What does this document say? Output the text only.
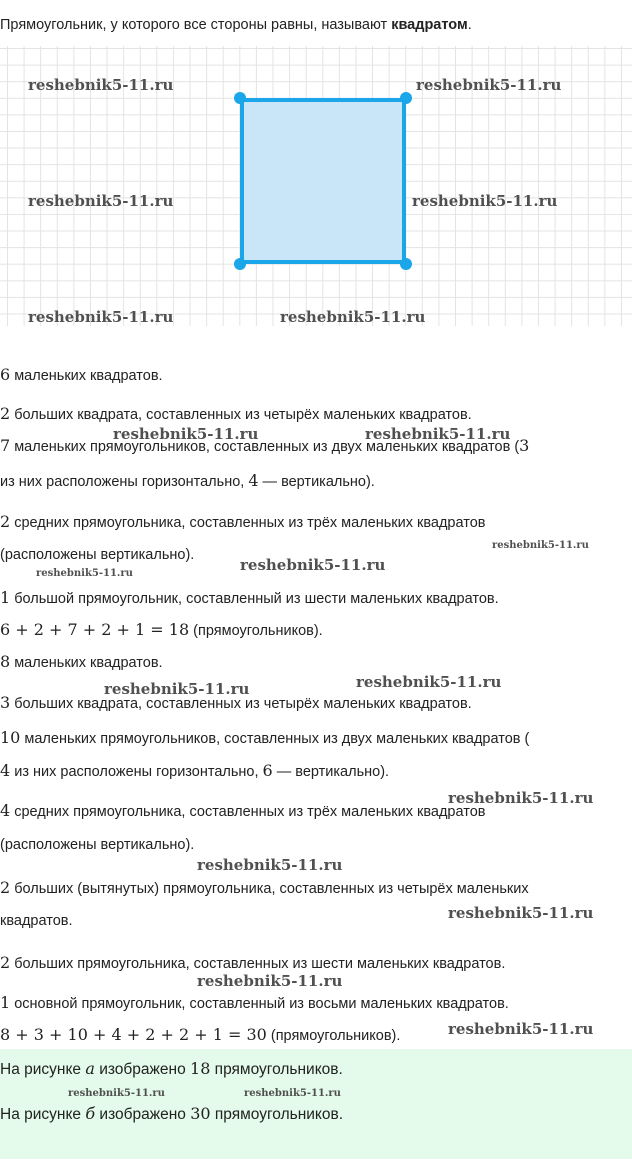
Прямоугольник, у которого все стороны равны, называют квадратом.
6 маленьких квадратов.
2 больших квадрата, составленных из четырёх маленьких квадратов.
7 маленьких прямоугольников, составленных из двух маленьких квадратов (3
из них расположены горизонтально, 4 — вертикально).
2 средних прямоугольника, составленных из трёх маленьких квадратов
(расположены вертикально).
1 большой прямоугольник, составленный из шести маленьких квадратов.
6 + 2 + 7 + 2 + 1 = 18 (прямоугольников).
8 маленьких квадратов.
3 больших квадрата, составленных из четырёх маленьких квадратов.
10 маленьких прямоугольников, составленных из двух маленьких квадратов (
4 из них расположены горизонтально, 6 — вертикально).
4 средних прямоугольника, составленных из трёх маленьких квадратов
(расположены вертикально).
2 больших (вытянутых) прямоугольника, составленных из четырёх маленьких
квадратов.
2 больших прямоугольника, составленных из шести маленьких квадратов.
1 основной прямоугольник, составленный из восьми маленьких квадратов.
8 + 3 + 10 + 4 + 2 + 2 + 1 = 30 (прямоугольников).
На рисунке a изображено 18 прямоугольников.
На рисунке б изображено 30 прямоугольников.
reshebnik5-11.ru	reshebnik5-11.ru
reshebnik5-11.ru	reshebnik5-11.ru
reshebnik5-11.ru	reshebnik5-11.ru
reshebnik5-11.ru	reshebnik5-11.ru
reshebnik5-11.ru
reshebnik5-11.ru
reshebnik5-11.ru
reshebnik5-11.ru	reshebnik5-11.ru
reshebnik5-11.ru
reshebnik5-11.ru
reshebnik5-11.ru
reshebnik5-11.ru
reshebnik5-11.ru
reshebnik5-11.ru	reshebnik5-11.ru
